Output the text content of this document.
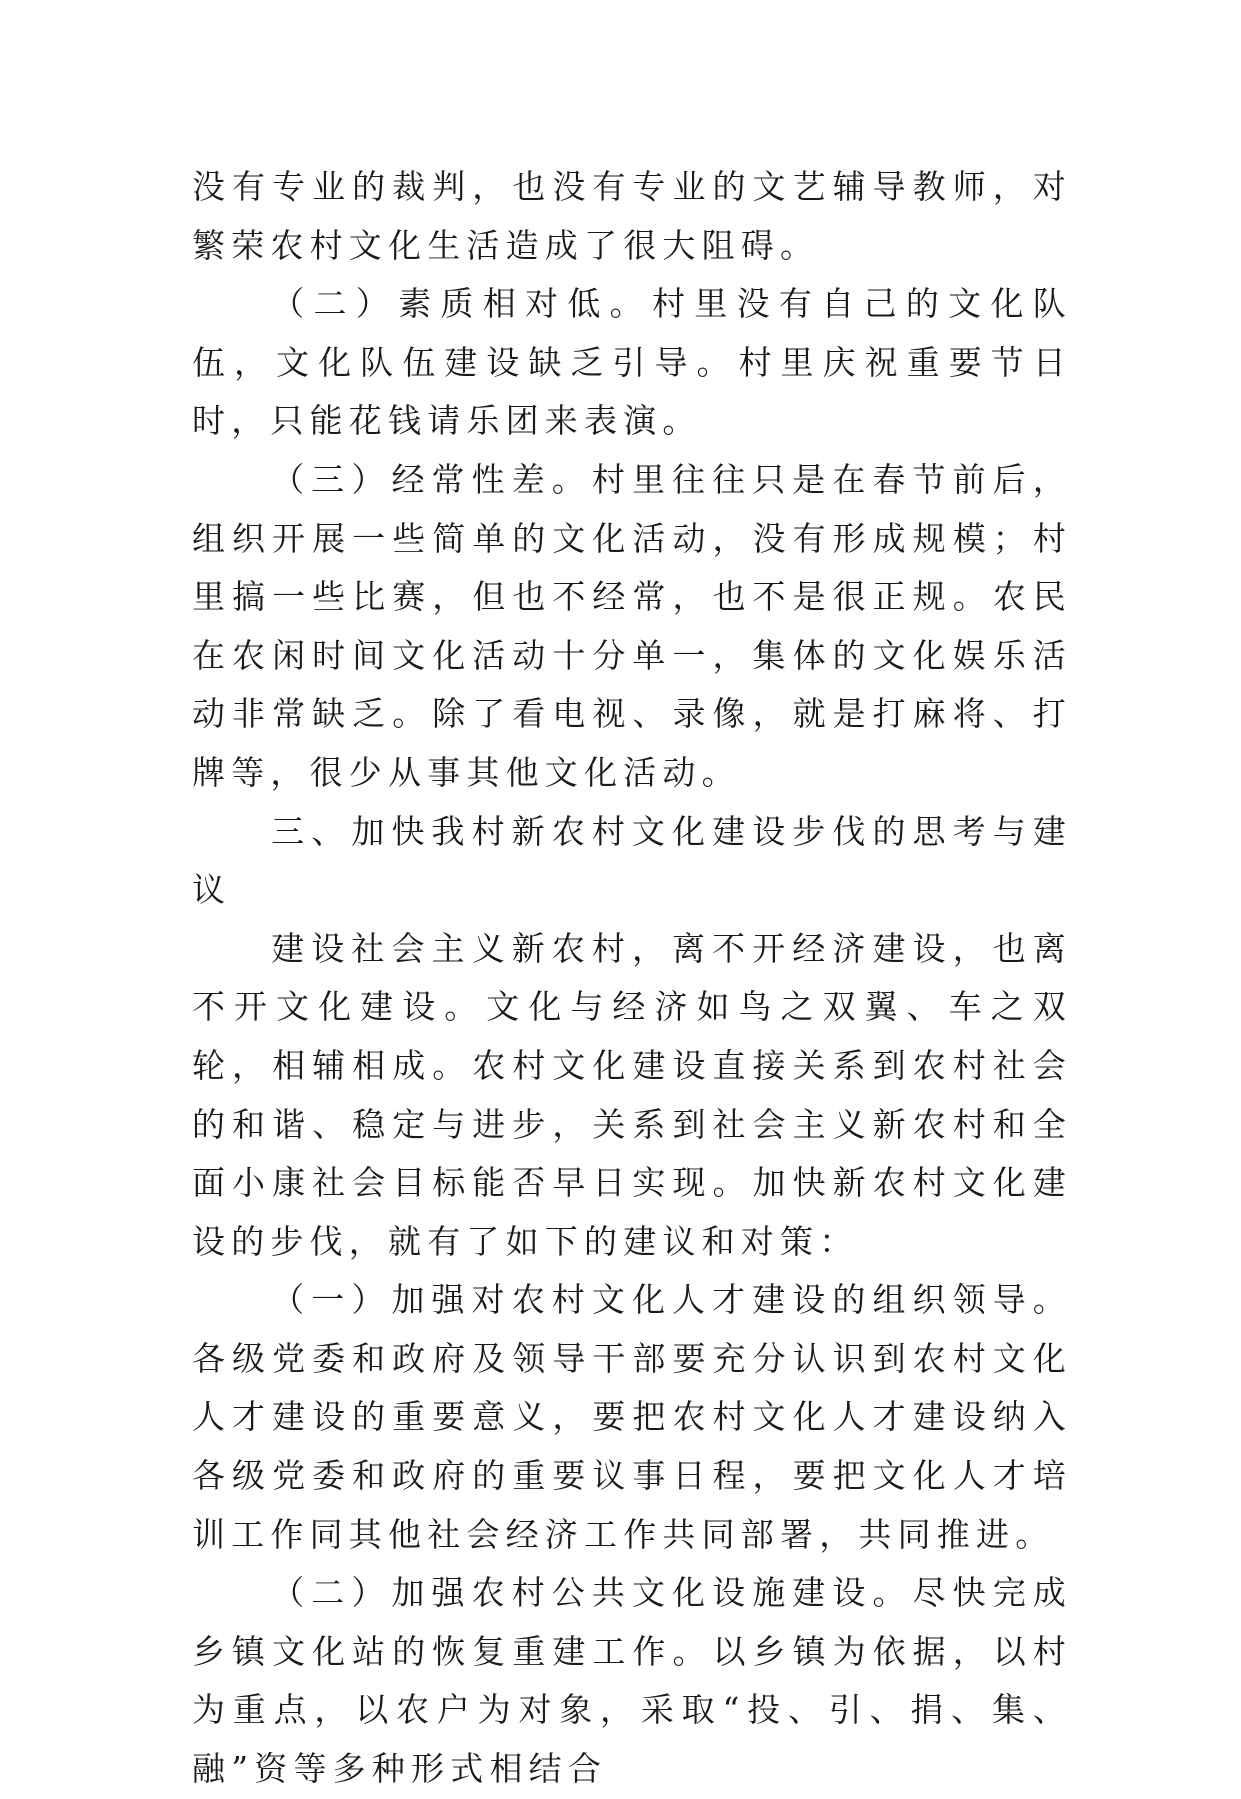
没有专业的裁判，也没有专业的文艺辅导教师，对繁荣农村文化生活造成了很大阻碍。

（二）素质相对低。村里没有自己的文化队伍，文化队伍建设缺乏引导。村里庆祝重要节日时，只能花钱请乐团来表演。

（三）经常性差。村里往往只是在春节前后，组织开展一些简单的文化活动，没有形成规模；村里搞一些比赛，但也不经常，也不是很正规。农民在农闲时间文化活动十分单一，集体的文化娱乐活动非常缺乏。除了看电视、录像，就是打麻将、打牌等，很少从事其他文化活动。

三、加快我村新农村文化建设步伐的思考与建议

建设社会主义新农村，离不开经济建设，也离不开文化建设。文化与经济如鸟之双翼、车之双轮，相辅相成。农村文化建设直接关系到农村社会的和谐、稳定与进步，关系到社会主义新农村和全面小康社会目标能否早日实现。加快新农村文化建设的步伐，就有了如下的建议和对策：

（一）加强对农村文化人才建设的组织领导。各级党委和政府及领导干部要充分认识到农村文化人才建设的重要意义，要把农村文化人才建设纳入各级党委和政府的重要议事日程，要把文化人才培训工作同其他社会经济工作共同部署，共同推进。

（二）加强农村公共文化设施建设。尽快完成乡镇文化站的恢复重建工作。以乡镇为依据，以村为重点，以农户为对象，采取“投、引、捐、集、融”资等多种形式相结合
